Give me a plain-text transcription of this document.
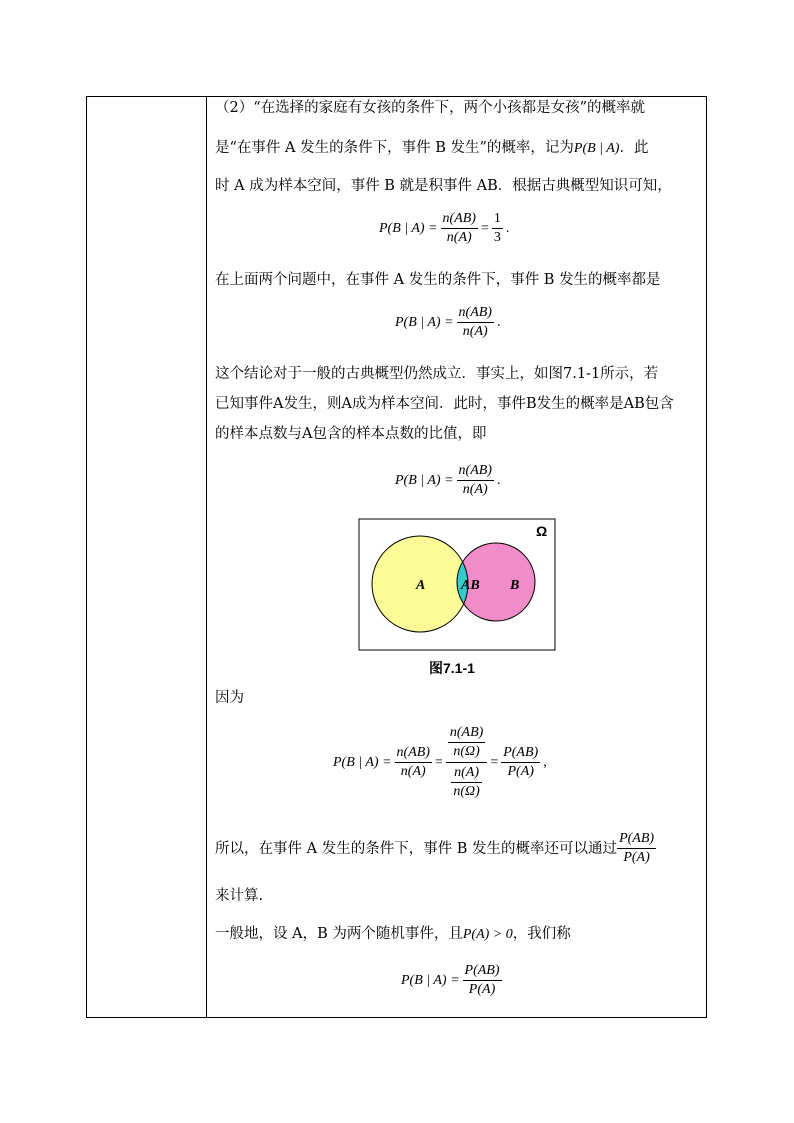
（2）“在选择的家庭有女孩的条件下，两个小孩都是女孩”的概率就
是“在事件 A 发生的条件下，事件 B 发生”的概率，记为P(B | A)．此
时 A 成为样本空间，事件 B 就是积事件 AB．根据古典概型知识可知，
P(B | $A) = \frac{n(AB)}{n(A)} = \frac{1}{3}$ .
在上面两个问题中，在事件 A 发生的条件下，事件 B 发生的概率都是
P(B | $A) = \frac{n(AB)}{n(A)}$ .
这个结论对于一般的古典概型仍然成立．事实上，如图7.1-1所示，若
已知事件A发生，则A成为样本空间．此时，事件B发生的概率是AB包含
的样本点数与A包含的样本点数的比值，即
P(B | $A) = \frac{n(AB)}{n(A)}$ .
Ω
A	AB B
图7.1-1
因为
P(B | $A) = \frac{n(AB)}{n(A)} = \frac{\frac{n(AB)}{n(\Omega)}}{\frac{n(A)}{n(\Omega)}} = \frac{P(AB)}{P(A)}$ ,
所以，在事件 A 发生的条件下，事件 B 发生的概率还可以通过 $\frac{P(AB)}{P(A)}$
来计算.
一般地，设 A，B 为两个随机事件，且P(A) > 0，我们称
P(B | $A) = \frac{P(AB)}{P(A)}$
